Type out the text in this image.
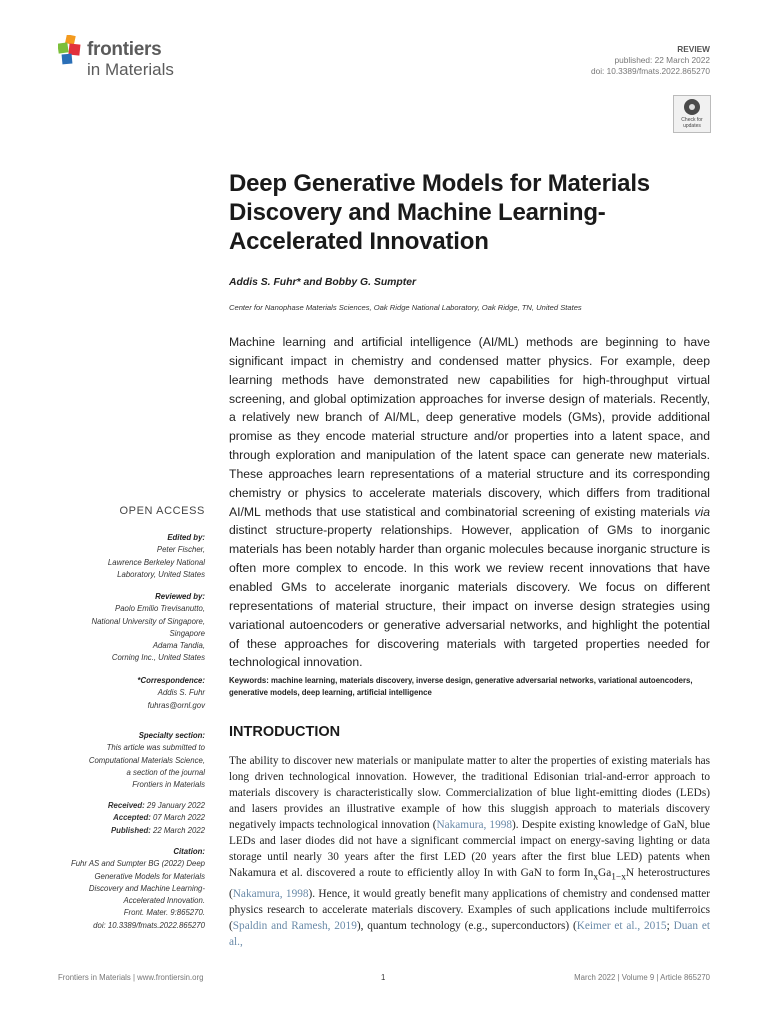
frontiers
in Materials
REVIEW
published: 22 March 2022
doi: 10.3389/fmats.2022.865270
Check for
updates
Deep Generative Models for Materials Discovery and Machine Learning-Accelerated Innovation
Addis S. Fuhr* and Bobby G. Sumpter
Center for Nanophase Materials Sciences, Oak Ridge National Laboratory, Oak Ridge, TN, United States
Machine learning and artificial intelligence (AI/ML) methods are beginning to have significant impact in chemistry and condensed matter physics. For example, deep learning methods have demonstrated new capabilities for high-throughput virtual screening, and global optimization approaches for inverse design of materials. Recently, a relatively new branch of AI/ML, deep generative models (GMs), provide additional promise as they encode material structure and/or properties into a latent space, and through exploration and manipulation of the latent space can generate new materials. These approaches learn representations of a material structure and its corresponding chemistry or physics to accelerate materials discovery, which differs from traditional AI/ML methods that use statistical and combinatorial screening of existing materials via distinct structure-property relationships. However, application of GMs to inorganic materials has been notably harder than organic molecules because inorganic structure is often more complex to encode. In this work we review recent innovations that have enabled GMs to accelerate inorganic materials discovery. We focus on different representations of material structure, their impact on inverse design strategies using variational autoencoders or generative adversarial networks, and highlight the potential of these approaches for discovering materials with targeted properties needed for technological innovation.
Keywords: machine learning, materials discovery, inverse design, generative adversarial networks, variational autoencoders, generative models, deep learning, artificial intelligence
INTRODUCTION
The ability to discover new materials or manipulate matter to alter the properties of existing materials has long driven technological innovation. However, the traditional Edisonian trial-and-error approach to materials discovery is characteristically slow. Commercialization of blue light-emitting diodes (LEDs) and lasers provides an illustrative example of how this sluggish approach to materials discovery negatively impacts technological innovation (Nakamura, 1998). Despite existing knowledge of GaN, blue LEDs and laser diodes did not have a significant commercial impact on energy-saving lighting or data storage until nearly 30 years after the first LED (20 years after the first blue LED) patents when Nakamura et al. discovered a route to efficiently alloy In with GaN to form $In_xGa_{1-x}N$ heterostructures (Nakamura, 1998). Hence, it would greatly benefit many applications of chemistry and condensed matter physics research to accelerate materials discovery. Examples of such applications include multiferroics (Spaldin and Ramesh, 2019), quantum technology (e.g., superconductors) (Keimer et al., 2015; Duan et al.,
OPEN ACCESS
Edited by:
Peter Fischer,
Lawrence Berkeley National
Laboratory, United States
Reviewed by:
Paolo Emilio Trevisanutto,
National University of Singapore,
Singapore
Adama Tandia,
Corning Inc., United States
*Correspondence:
Addis S. Fuhr
fuhras@ornl.gov
Specialty section:
This article was submitted to
Computational Materials Science,
a section of the journal
Frontiers in Materials
Received: 29 January 2022
Accepted: 07 March 2022
Published: 22 March 2022
Citation:
Fuhr AS and Sumpter BG (2022) Deep
Generative Models for Materials
Discovery and Machine Learning-
Accelerated Innovation.
Front. Mater. 9:865270.
doi: 10.3389/fmats.2022.865270
Frontiers in Materials | www.frontiersin.org	1	March 2022 | Volume 9 | Article 865270
